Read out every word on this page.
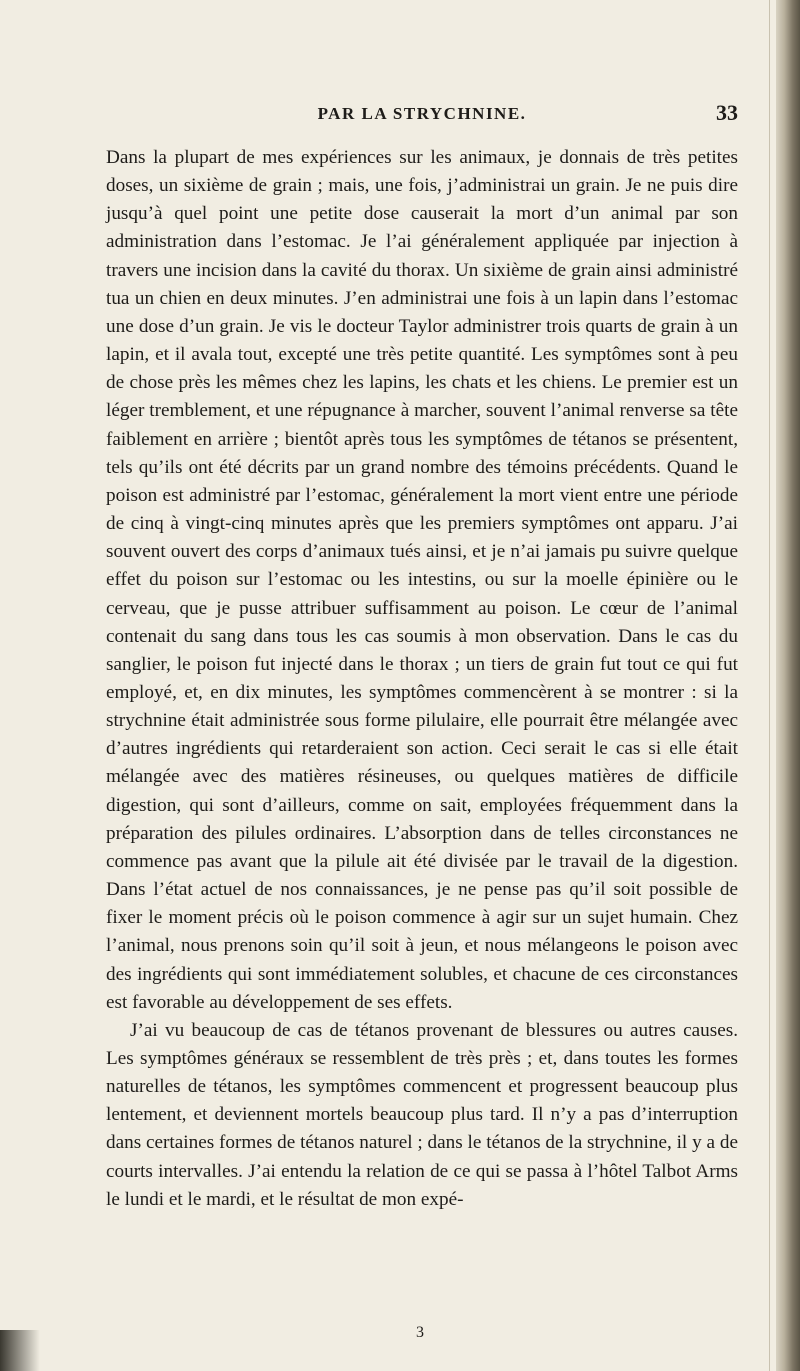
PAR LA STRYCHNINE.	33

Dans la plupart de mes expériences sur les animaux, je donnais de très petites doses, un sixième de grain ; mais, une fois, j’administrai un grain. Je ne puis dire jusqu’à quel point une petite dose causerait la mort d’un animal par son administration dans l’estomac. Je l’ai généralement appliquée par injection à travers une incision dans la cavité du thorax. Un sixième de grain ainsi administré tua un chien en deux minutes. J’en administrai une fois à un lapin dans l’estomac une dose d’un grain. Je vis le docteur Taylor administrer trois quarts de grain à un lapin, et il avala tout, excepté une très petite quantité. Les symptômes sont à peu de chose près les mêmes chez les lapins, les chats et les chiens. Le premier est un léger tremblement, et une répugnance à marcher, souvent l’animal renverse sa tête faiblement en arrière ; bientôt après tous les symptômes de tétanos se présentent, tels qu’ils ont été décrits par un grand nombre des témoins précédents. Quand le poison est administré par l’estomac, généralement la mort vient entre une période de cinq à vingt-cinq minutes après que les premiers symptômes ont apparu. J’ai souvent ouvert des corps d’animaux tués ainsi, et je n’ai jamais pu suivre quelque effet du poison sur l’estomac ou les intestins, ou sur la moelle épinière ou le cerveau, que je pusse attribuer suffisamment au poison. Le cœur de l’animal contenait du sang dans tous les cas soumis à mon observation. Dans le cas du sanglier, le poison fut injecté dans le thorax ; un tiers de grain fut tout ce qui fut employé, et, en dix minutes, les symptômes commencèrent à se montrer : si la strychnine était administrée sous forme pilulaire, elle pourrait être mélangée avec d’autres ingrédients qui retarderaient son action. Ceci serait le cas si elle était mélangée avec des matières résineuses, ou quelques matières de difficile digestion, qui sont d’ailleurs, comme on sait, employées fréquemment dans la préparation des pilules ordinaires. L’absorption dans de telles circonstances ne commence pas avant que la pilule ait été divisée par le travail de la digestion. Dans l’état actuel de nos connaissances, je ne pense pas qu’il soit possible de fixer le moment précis où le poison commence à agir sur un sujet humain. Chez l’animal, nous prenons soin qu’il soit à jeun, et nous mélangeons le poison avec des ingrédients qui sont immédiatement solubles, et chacune de ces circonstances est favorable au développement de ses effets.

J’ai vu beaucoup de cas de tétanos provenant de blessures ou autres causes. Les symptômes généraux se ressemblent de très près ; et, dans toutes les formes naturelles de tétanos, les symptômes commencent et progressent beaucoup plus lentement, et deviennent mortels beaucoup plus tard. Il n’y a pas d’interruption dans certaines formes de tétanos naturel ; dans le tétanos de la strychnine, il y a de courts intervalles. J’ai entendu la relation de ce qui se passa à l’hôtel Talbot Arms le lundi et le mardi, et le résultat de mon expé-

3
